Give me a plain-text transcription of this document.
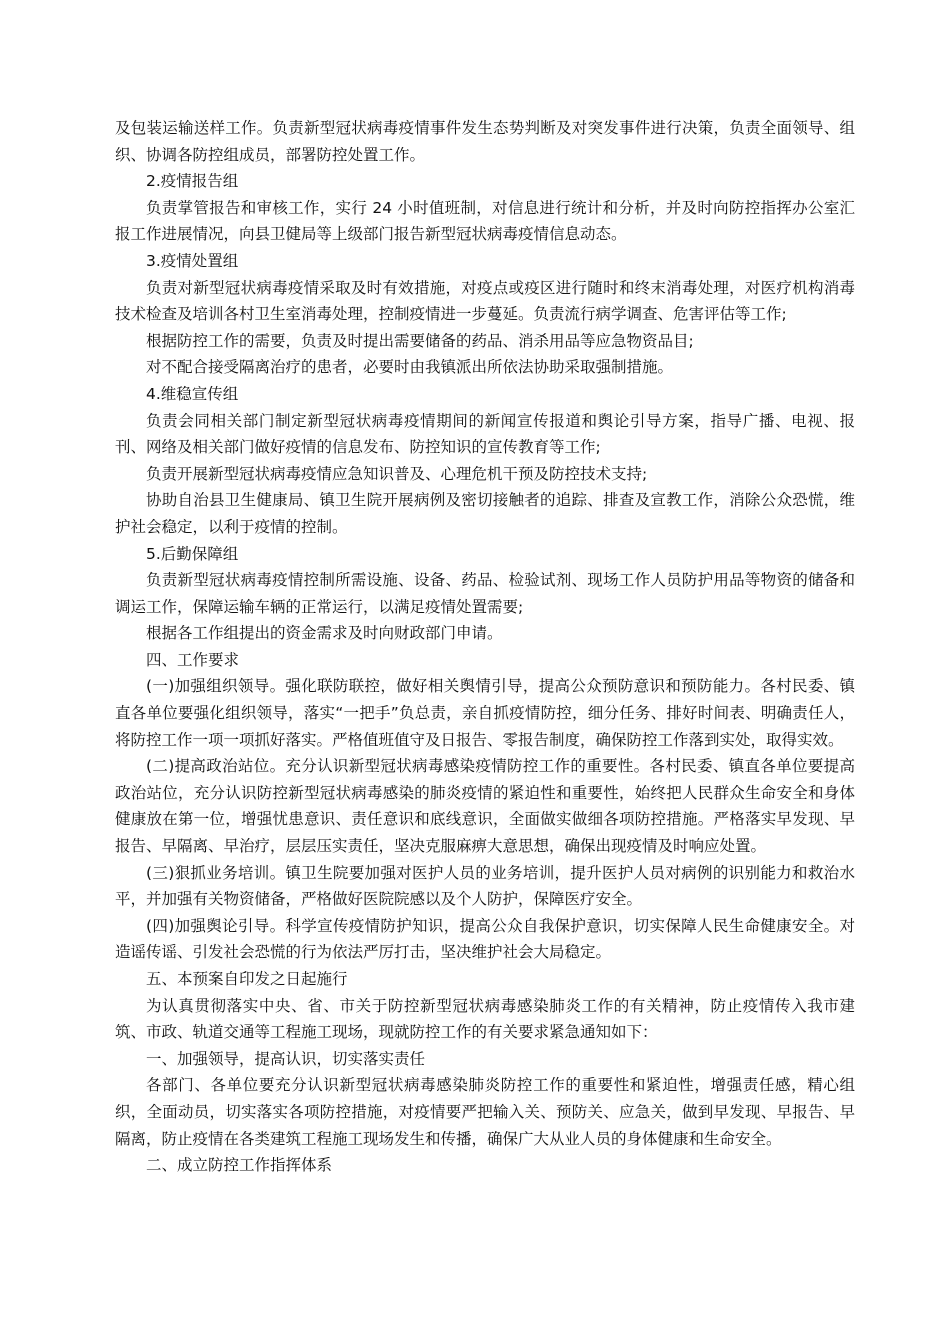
及包装运输送样工作。负责新型冠状病毒疫情事件发生态势判断及对突发事件进行决策，负责全面领导、组织、协调各防控组成员，部署防控处置工作。

2.疫情报告组

负责掌管报告和审核工作，实行 24 小时值班制，对信息进行统计和分析，并及时向防控指挥办公室汇报工作进展情况，向县卫健局等上级部门报告新型冠状病毒疫情信息动态。

3.疫情处置组

负责对新型冠状病毒疫情采取及时有效措施，对疫点或疫区进行随时和终末消毒处理，对医疗机构消毒技术检查及培训各村卫生室消毒处理，控制疫情进一步蔓延。负责流行病学调查、危害评估等工作;

根据防控工作的需要，负责及时提出需要储备的药品、消杀用品等应急物资品目;

对不配合接受隔离治疗的患者，必要时由我镇派出所依法协助采取强制措施。

4.维稳宣传组

负责会同相关部门制定新型冠状病毒疫情期间的新闻宣传报道和舆论引导方案，指导广播、电视、报刊、网络及相关部门做好疫情的信息发布、防控知识的宣传教育等工作;

负责开展新型冠状病毒疫情应急知识普及、心理危机干预及防控技术支持;

协助自治县卫生健康局、镇卫生院开展病例及密切接触者的追踪、排查及宣教工作，消除公众恐慌，维护社会稳定，以利于疫情的控制。

5.后勤保障组

负责新型冠状病毒疫情控制所需设施、设备、药品、检验试剂、现场工作人员防护用品等物资的储备和调运工作，保障运输车辆的正常运行，以满足疫情处置需要;

根据各工作组提出的资金需求及时向财政部门申请。

四、工作要求

(一)加强组织领导。强化联防联控，做好相关舆情引导，提高公众预防意识和预防能力。各村民委、镇直各单位要强化组织领导，落实“一把手”负总责，亲自抓疫情防控，细分任务、排好时间表、明确责任人，将防控工作一项一项抓好落实。严格值班值守及日报告、零报告制度，确保防控工作落到实处，取得实效。

(二)提高政治站位。充分认识新型冠状病毒感染疫情防控工作的重要性。各村民委、镇直各单位要提高政治站位，充分认识防控新型冠状病毒感染的肺炎疫情的紧迫性和重要性，始终把人民群众生命安全和身体健康放在第一位，增强忧患意识、责任意识和底线意识，全面做实做细各项防控措施。严格落实早发现、早报告、早隔离、早治疗，层层压实责任，坚决克服麻痹大意思想，确保出现疫情及时响应处置。

(三)狠抓业务培训。镇卫生院要加强对医护人员的业务培训，提升医护人员对病例的识别能力和救治水平，并加强有关物资储备，严格做好医院院感以及个人防护，保障医疗安全。

(四)加强舆论引导。科学宣传疫情防护知识，提高公众自我保护意识，切实保障人民生命健康安全。对造谣传谣、引发社会恐慌的行为依法严厉打击，坚决维护社会大局稳定。

五、本预案自印发之日起施行

为认真贯彻落实中央、省、市关于防控新型冠状病毒感染肺炎工作的有关精神，防止疫情传入我市建筑、市政、轨道交通等工程施工现场，现就防控工作的有关要求紧急通知如下：

一、加强领导，提高认识，切实落实责任

各部门、各单位要充分认识新型冠状病毒感染肺炎防控工作的重要性和紧迫性，增强责任感，精心组织，全面动员，切实落实各项防控措施，对疫情要严把输入关、预防关、应急关，做到早发现、早报告、早隔离，防止疫情在各类建筑工程施工现场发生和传播，确保广大从业人员的身体健康和生命安全。

二、成立防控工作指挥体系
